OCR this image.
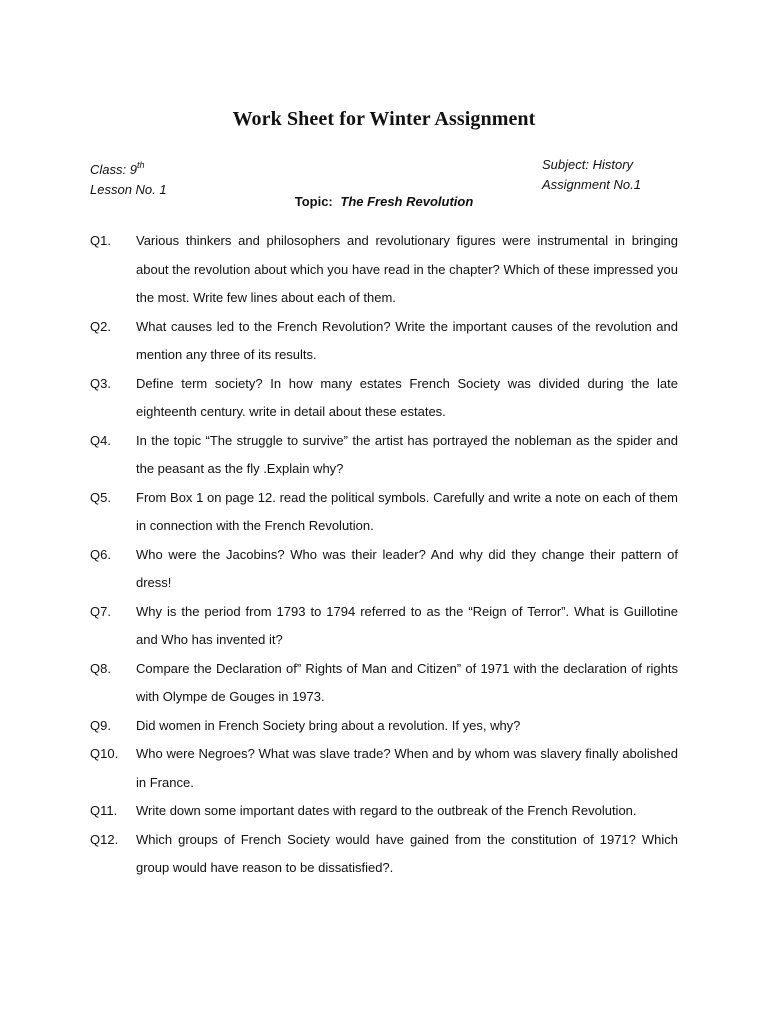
Work Sheet for Winter Assignment
Class: 9th
Lesson No. 1
Subject: History
Assignment No.1
Topic: The Fresh Revolution
Q1.	Various thinkers and philosophers and revolutionary figures were instrumental in bringing about the revolution about which you have read in the chapter? Which of these impressed you the most. Write few lines about each of them.
Q2.	What causes led to the French Revolution? Write the important causes of the revolution and mention any three of its results.
Q3.	Define term society? In how many estates French Society was divided during the late eighteenth century. write in detail about these estates.
Q4.	In the topic “The struggle to survive” the artist has portrayed the nobleman as the spider and the peasant as the fly .Explain why?
Q5.	From Box 1 on page 12. read the political symbols. Carefully and write a note on each of them in connection with the French Revolution.
Q6.	Who were the Jacobins? Who was their leader? And why did they change their pattern of dress!
Q7.	Why is the period from 1793 to 1794 referred to as the “Reign of Terror”. What is Guillotine and Who has invented it?
Q8.	Compare the Declaration of” Rights of Man and Citizen” of 1971 with the declaration of rights with Olympe de Gouges in 1973.
Q9.	Did women in French Society bring about a revolution. If yes, why?
Q10.	Who were Negroes? What was slave trade? When and by whom was slavery finally abolished in France.
Q11.	Write down some important dates with regard to the outbreak of the French Revolution.
Q12.	Which groups of French Society would have gained from the constitution of 1971? Which group would have reason to be dissatisfied?.
